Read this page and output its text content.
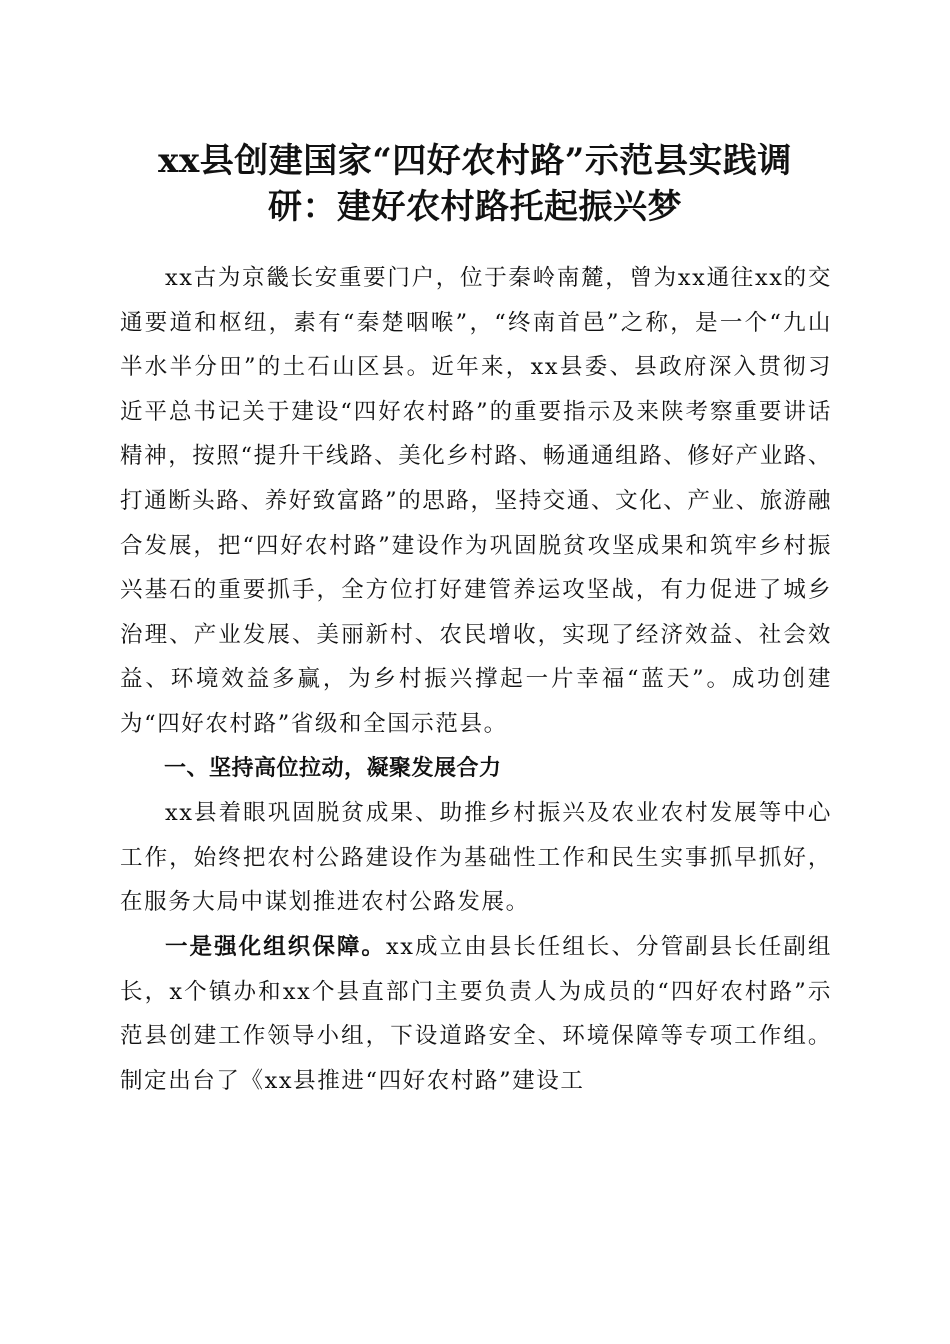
xx县创建国家“四好农村路”示范县实践调
研：建好农村路托起振兴梦

xx古为京畿长安重要门户，位于秦岭南麓，曾为xx通往xx的交通要道和枢纽，素有“秦楚咽喉”，“终南首邑”之称，是一个“九山半水半分田”的土石山区县。近年来，xx县委、县政府深入贯彻习近平总书记关于建设“四好农村路”的重要指示及来陕考察重要讲话精神，按照“提升干线路、美化乡村路、畅通通组路、修好产业路、打通断头路、养好致富路”的思路，坚持交通、文化、产业、旅游融合发展，把“四好农村路”建设作为巩固脱贫攻坚成果和筑牢乡村振兴基石的重要抓手，全方位打好建管养运攻坚战，有力促进了城乡治理、产业发展、美丽新村、农民增收，实现了经济效益、社会效益、环境效益多赢，为乡村振兴撑起一片幸福“蓝天”。成功创建为“四好农村路”省级和全国示范县。

一、坚持高位拉动，凝聚发展合力

xx县着眼巩固脱贫成果、助推乡村振兴及农业农村发展等中心工作，始终把农村公路建设作为基础性工作和民生实事抓早抓好，在服务大局中谋划推进农村公路发展。

一是强化组织保障。xx成立由县长任组长、分管副县长任副组长，x个镇办和xx个县直部门主要负责人为成员的“四好农村路”示范县创建工作领导小组，下设道路安全、环境保障等专项工作组。制定出台了《xx县推进“四好农村路”建设工
